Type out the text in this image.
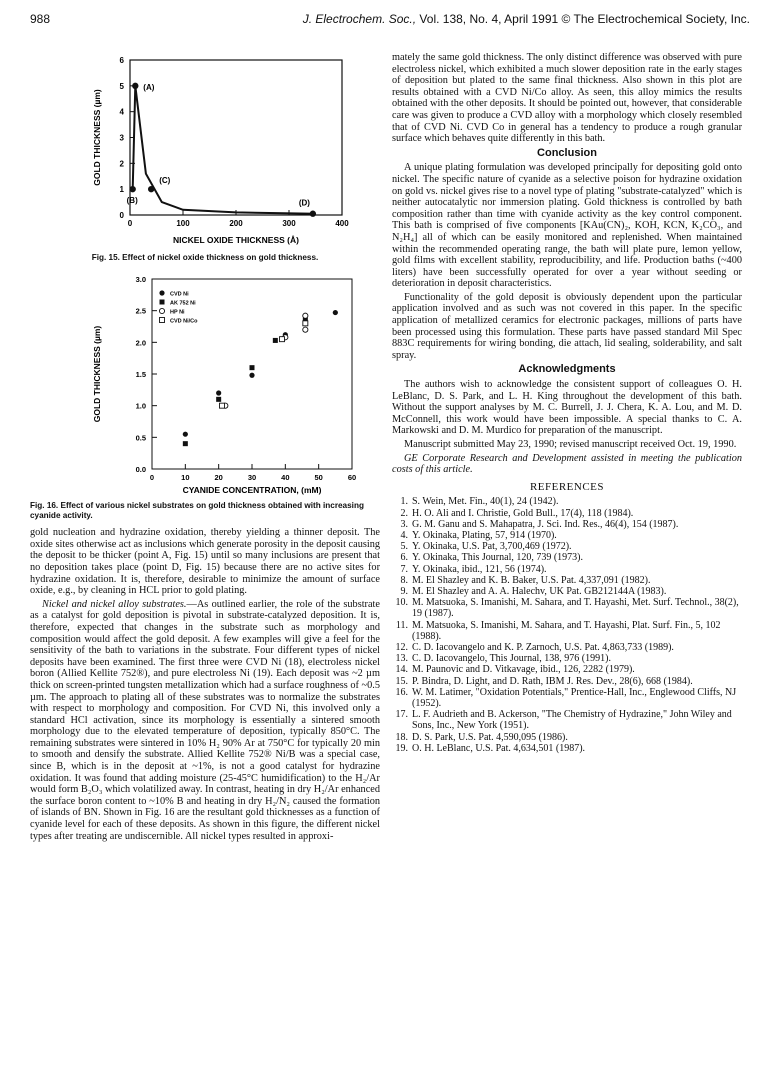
988	J. Electrochem. Soc., Vol. 138, No. 4, April 1991 © The Electrochemical Society, Inc.
0
1
2
3
4
5
6
0	100	200	300	400
NICKEL OXIDE THICKNESS (Å)
GOLD THICKNESS (µm)
(A)
(B)
(C)
(D)
Fig. 15. Effect of nickel oxide thickness on gold thickness.
0.0
0.5
1.0
1.5
2.0
2.5
3.0
0	10	20	30	40	50	60
CYANIDE CONCENTRATION, (mM)
GOLD THICKNESS (µm)
CVD Ni
AK 752 Ni
HP Ni
CVD Ni/Co
Fig. 16. Effect of various nickel substrates on gold thickness obtained with increasing cyanide activity.

gold nucleation and hydrazine oxidation, thereby yielding a thinner deposit. The oxide sites otherwise act as inclusions which generate porosity in the deposit causing the deposit to be thicker (point A, Fig. 15) until so many inclusions are present that no deposition takes place (point D, Fig. 15) because there are no active sites for hydrazine oxidation. It is, therefore, desirable to minimize the amount of surface oxide, e.g., by cleaning in HCL prior to gold plating.

Nickel and nickel alloy substrates.—As outlined earlier, the role of the substrate as a catalyst for gold deposition is pivotal in substrate-catalyzed deposition. It is, therefore, expected that changes in the substrate such as morphology and composition would affect the gold deposit. A few examples will give a feel for the sensitivity of the bath to variations in the substrate. Four different types of nickel deposits have been examined. The first three were CVD Ni (18), electroless nickel boron (Allied Kellite 752®), and pure electroless Ni (19). Each deposit was ~2 µm thick on screen-printed tungsten metallization which had a surface roughness of ~0.5 µm. The approach to plating all of these substrates was to normalize the substrates with respect to morphology and composition. For CVD Ni, this involved only a standard HCl activation, since its morphology is essentially a sintered smooth morphology due to the elevated temperature of deposition, typically 850°C. The remaining substrates were sintered in 10% H₂ 90% Ar at 750°C for typically 20 min to smooth and densify the substrate. Allied Kellite 752® Ni/B was a special case, since B, which is in the deposit at ~1%, is not a good catalyst for hydrazine oxidation. It was found that adding moisture (25-45°C humidification) to the H₂/Ar would form B₂O₃ which volatilized away. In contrast, heating in dry H₂/Ar enhanced the surface boron content to ~10% B and heating in dry H₂/N₂ caused the formation of islands of BN. Shown in Fig. 16 are the resultant gold thicknesses as a function of cyanide level for each of these deposits. As shown in this figure, the different nickel types after treating are undiscernible. All nickel types resulted in approxi-

mately the same gold thickness. The only distinct difference was observed with pure electroless nickel, which exhibited a much slower deposition rate in the early stages of deposition but plated to the same final thickness. Also shown in this plot are results obtained with a CVD Ni/Co alloy. As seen, this alloy mimics the results obtained with the other deposits. It should be pointed out, however, that considerable care was given to produce a CVD alloy with a morphology which closely resembled that of CVD Ni. CVD Co in general has a tendency to produce a rough granular surface which behaves quite differently in this bath.

Conclusion

A unique plating formulation was developed principally for depositing gold onto nickel. The specific nature of cyanide as a selective poison for hydrazine oxidation on gold vs. nickel gives rise to a novel type of plating "substrate-catalyzed" which is neither autocatalytic nor immersion plating. Gold thickness is controlled by bath composition rather than time with cyanide activity as the key control component. This bath is comprised of five components [KAu(CN)₂, KOH, KCN, K₂CO₃, and N₂H₄] all of which can be easily monitored and replenished. When maintained within the recommended operating range, the bath will plate pure, lemon yellow, gold films with excellent stability, reproducibility, and life. Production baths (~400 liters) have been successfully operated for over a year without seeding or deterioration in deposit characteristics.

Functionality of the gold deposit is obviously dependent upon the particular application involved and as such was not covered in this paper. In the specific application of metallized ceramics for electronic packages, millions of parts have been processed using this formulation. These parts have passed standard Mil Spec 883C requirements for wiring bonding, die attach, lid sealing, solderability, and salt spray.

Acknowledgments

The authors wish to acknowledge the consistent support of colleagues O. H. LeBlanc, D. S. Park, and L. H. King throughout the development of this bath. Without the support analyses by M. C. Burrell, J. J. Chera, K. A. Lou, and M. D. McConnell, this work would have been impossible. A special thanks to C. A. Markowski and D. M. Murdico for preparation of the manuscript.

Manuscript submitted May 23, 1990; revised manuscript received Oct. 19, 1990.

GE Corporate Research and Development assisted in meeting the publication costs of this article.

REFERENCES
1. S. Wein, Met. Fin., 40(1), 24 (1942).
2. H. O. Ali and I. Christie, Gold Bull., 17(4), 118 (1984).
3. G. M. Ganu and S. Mahapatra, J. Sci. Ind. Res., 46(4), 154 (1987).
4. Y. Okinaka, Plating, 57, 914 (1970).
5. Y. Okinaka, U.S. Pat, 3,700,469 (1972).
6. Y. Okinaka, This Journal, 120, 739 (1973).
7. Y. Okinaka, ibid., 121, 56 (1974).
8. M. El Shazley and K. B. Baker, U.S. Pat. 4,337,091 (1982).
9. M. El Shazley and A. A. Halechv, UK Pat. GB212144A (1983).
10. M. Matsuoka, S. Imanishi, M. Sahara, and T. Hayashi, Met. Surf. Technol., 38(2), 19 (1987).
11. M. Matsuoka, S. Imanishi, M. Sahara, and T. Hayashi, Plat. Surf. Fin., 5, 102 (1988).
12. C. D. Iacovangelo and K. P. Zarnoch, U.S. Pat. 4,863,733 (1989).
13. C. D. Iacovangelo, This Journal, 138, 976 (1991).
14. M. Paunovic and D. Vitkavage, ibid., 126, 2282 (1979).
15. P. Bindra, D. Light, and D. Rath, IBM J. Res. Dev., 28(6), 668 (1984).
16. W. M. Latimer, "Oxidation Potentials," Prentice-Hall, Inc., Englewood Cliffs, NJ (1952).
17. L. F. Audrieth and B. Ackerson, "The Chemistry of Hydrazine," John Wiley and Sons, Inc., New York (1951).
18. D. S. Park, U.S. Pat. 4,590,095 (1986).
19. O. H. LeBlanc, U.S. Pat. 4,634,501 (1987).
